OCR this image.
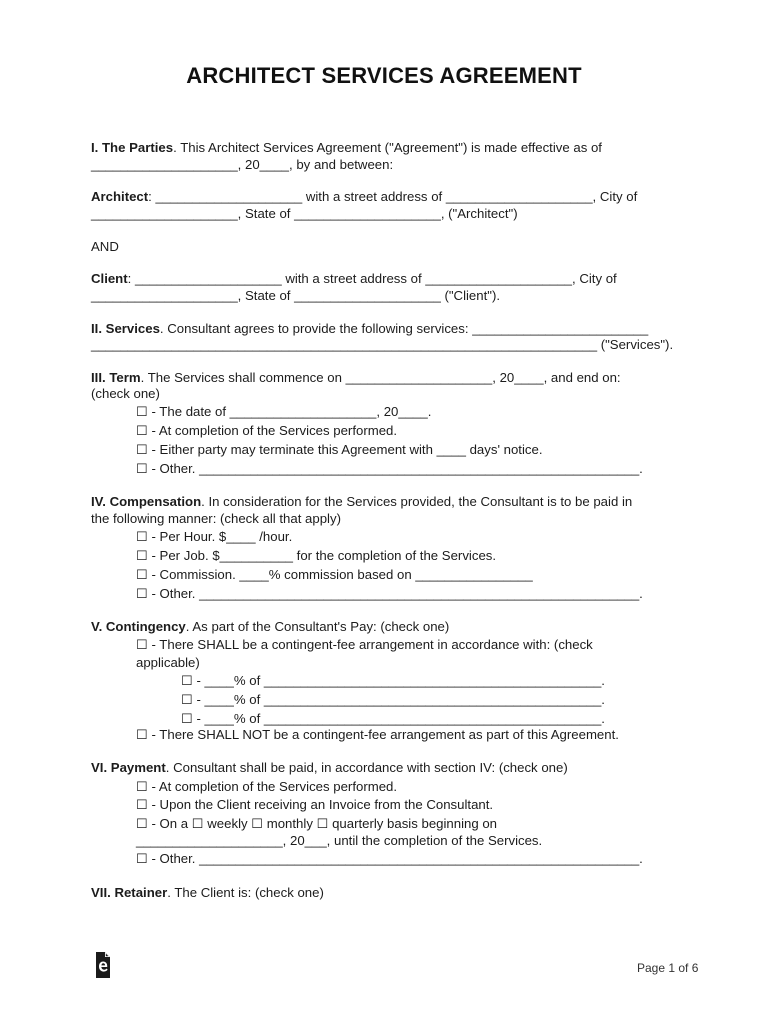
ARCHITECT SERVICES AGREEMENT
I. The Parties. This Architect Services Agreement ("Agreement") is made effective as of
____________________, 20____, by and between:
Architect: ____________________ with a street address of ____________________, City of
____________________, State of ____________________, ("Architect")
AND
Client: ____________________ with a street address of ____________________, City of
____________________, State of ____________________ ("Client").
II. Services. Consultant agrees to provide the following services: ________________________
_____________________________________________________________________ ("Services").
III. Term. The Services shall commence on ____________________, 20____, and end on:
(check one)
☐ - The date of ____________________, 20____.
☐ - At completion of the Services performed.
☐ - Either party may terminate this Agreement with ____ days' notice.
☐ - Other. ____________________________________________________________.
IV. Compensation. In consideration for the Services provided, the Consultant is to be paid in
the following manner: (check all that apply)
☐ - Per Hour. $____ /hour.
☐ - Per Job. $__________ for the completion of the Services.
☐ - Commission. ____% commission based on ________________
☐ - Other. ____________________________________________________________.
V. Contingency. As part of the Consultant's Pay: (check one)
☐ - There SHALL be a contingent-fee arrangement in accordance with: (check
applicable)
☐ - ____% of ______________________________________________.
☐ - ____% of ______________________________________________.
☐ - ____% of ______________________________________________.
☐ - There SHALL NOT be a contingent-fee arrangement as part of this Agreement.
VI. Payment. Consultant shall be paid, in accordance with section IV: (check one)
☐ - At completion of the Services performed.
☐ - Upon the Client receiving an Invoice from the Consultant.
☐ - On a ☐ weekly ☐ monthly ☐ quarterly basis beginning on
____________________, 20___, until the completion of the Services.
☐ - Other. ____________________________________________________________.
VII. Retainer. The Client is: (check one)
Page 1 of 6
